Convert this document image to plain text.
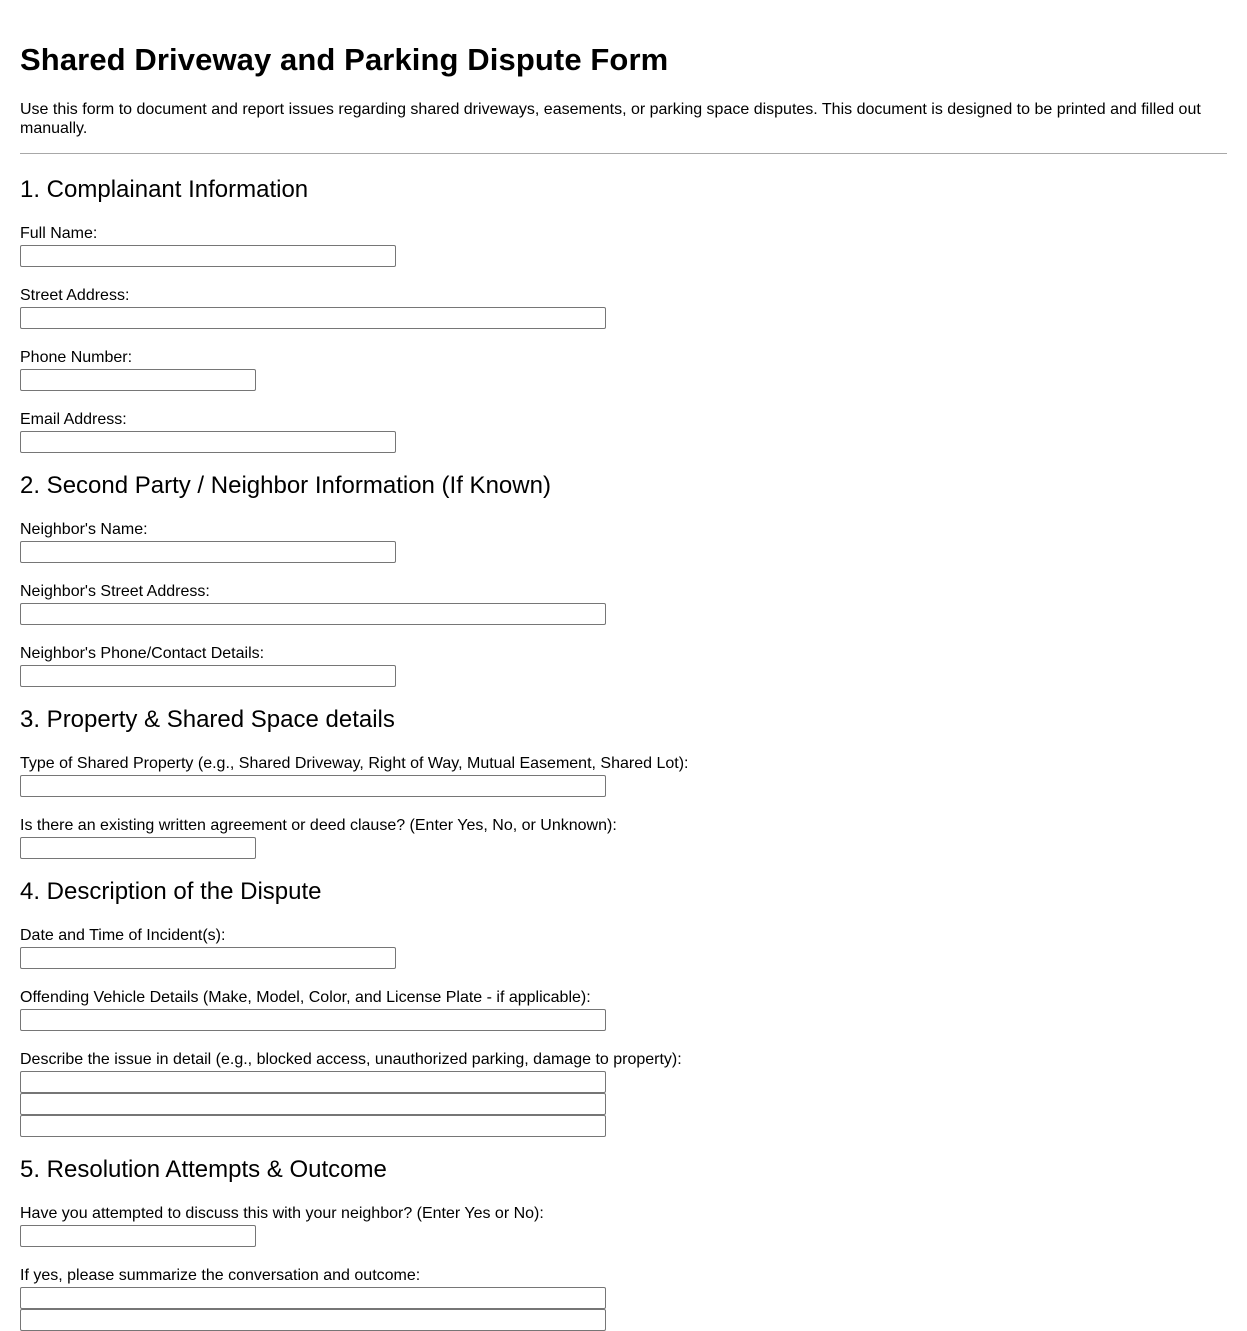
Shared Driveway and Parking Dispute Form

Use this form to document and report issues regarding shared driveways, easements, or parking space disputes. This document is designed to be printed and filled out manually.

1. Complainant Information
Full Name:
Street Address:
Phone Number:
Email Address:
2. Second Party / Neighbor Information (If Known)
Neighbor's Name:
Neighbor's Street Address:
Neighbor's Phone/Contact Details:
3. Property & Shared Space details
Type of Shared Property (e.g., Shared Driveway, Right of Way, Mutual Easement, Shared Lot):
Is there an existing written agreement or deed clause? (Enter Yes, No, or Unknown):
4. Description of the Dispute
Date and Time of Incident(s):
Offending Vehicle Details (Make, Model, Color, and License Plate - if applicable):
Describe the issue in detail (e.g., blocked access, unauthorized parking, damage to property):
5. Resolution Attempts & Outcome
Have you attempted to discuss this with your neighbor? (Enter Yes or No):
If yes, please summarize the conversation and outcome:
